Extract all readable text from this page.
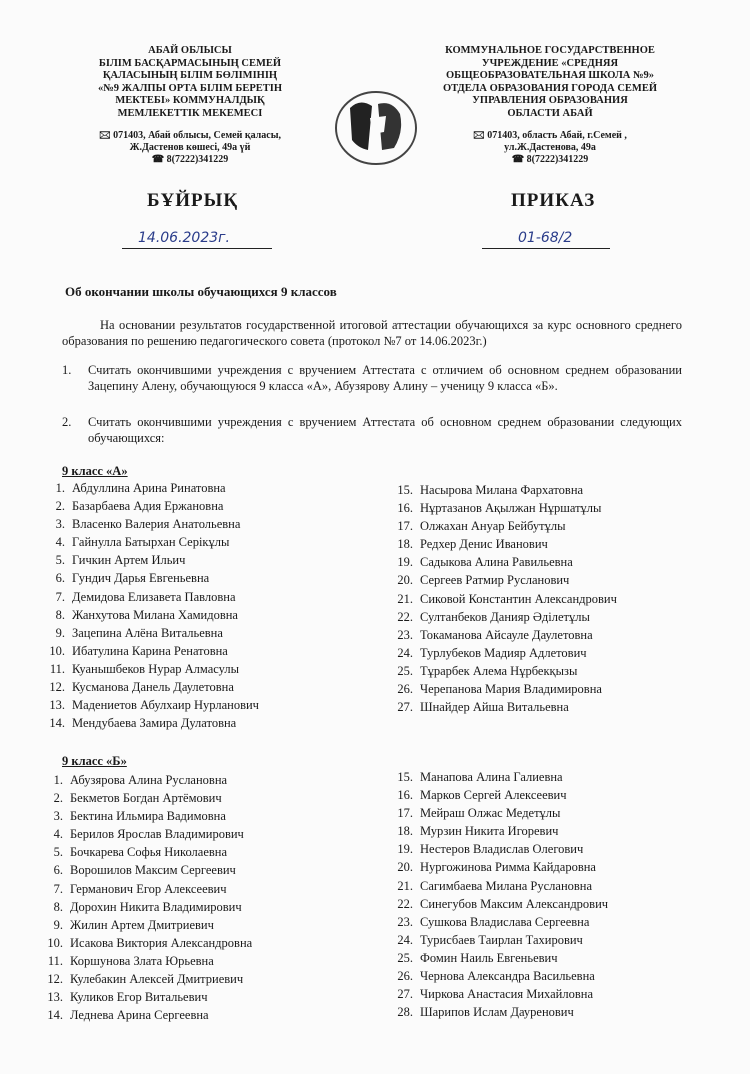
АБАЙ ОБЛЫСЫ
БІЛІМ БАСҚАРМАСЫНЫҢ СЕМЕЙ
ҚАЛАСЫНЫҢ БІЛІМ БӨЛІМІНІҢ
«№9 ЖАЛПЫ ОРТА БІЛІМ БЕРЕТІН
МЕКТЕБІ» КОММУНАЛДЫҚ
МЕМЛЕКЕТТІК МЕКЕМЕСІ
🖂 071403, Абай облысы, Семей қаласы,
Ж.Дастенов көшесі, 49а үй
☎ 8(7222)341229
КОММУНАЛЬНОЕ ГОСУДАРСТВЕННОЕ
УЧРЕЖДЕНИЕ «СРЕДНЯЯ
ОБЩЕОБРАЗОВАТЕЛЬНАЯ ШКОЛА №9»
ОТДЕЛА ОБРАЗОВАНИЯ ГОРОДА СЕМЕЙ
УПРАВЛЕНИЯ ОБРАЗОВАНИЯ
ОБЛАСТИ АБАЙ
🖂 071403, область Абай, г.Семей ,
ул.Ж.Дастенова, 49а
☎ 8(7222)341229
БҰЙРЫҚ	ПРИКАЗ
14.06.2023г.	01-68/2
Об окончании школы обучающихся 9 классов
На основании результатов государственной итоговой аттестации обучающихся за курс основного среднего образования по решению педагогического совета (протокол №7 от 14.06.2023г.)
1.	Считать окончившими учреждения с вручением Аттестата с отличием об основном среднем образовании Зацепину Алену, обучающуюся 9 класса «А», Абузярову Алину – ученицу 9 класса «Б».
2.	Считать окончившими учреждения с вручением Аттестата об основном среднем образовании следующих обучающихся:
9 класс «А»
1. Абдуллина Арина Ринатовна
2. Базарбаева Адия Ержановна
3. Власенко Валерия Анатольевна
4. Гайнулла Батырхан Серікұлы
5. Гичкин Артем Ильич
6. Гундич Дарья Евгеньевна
7. Демидова Елизавета Павловна
8. Жанхутова Милана Хамидовна
9. Зацепина Алёна Витальевна
10. Ибатулина Карина Ренатовна
11. Куанышбеков Нурар Алмасулы
12. Кусманова Данель Даулетовна
13. Мадениетов Абулхаир Нурланович
14. Мендубаева Замира Дулатовна
15. Насырова Милана Фархатовна
16. Нұртазанов Ақылжан Нұршатұлы
17. Олжахан Ануар Бейбутұлы
18. Редхер Денис Иванович
19. Садыкова Алина Равильевна
20. Сергеев Ратмир Русланович
21. Сиковой Константин Александрович
22. Султанбеков Данияр Әділетұлы
23. Токаманова Айсауле Даулетовна
24. Турлубеков Мадияр Адлетович
25. Тұрарбек Алема Нұрбекқызы
26. Черепанова Мария Владимировна
27. Шнайдер Айша Витальевна
9 класс «Б»
1. Абузярова Алина Руслановна
2. Бекметов Богдан Артёмович
3. Бектина Ильмира Вадимовна
4. Берилов Ярослав Владимирович
5. Бочкарева Софья Николаевна
6. Ворошилов Максим Сергеевич
7. Германович Егор Алексеевич
8. Дорохин Никита Владимирович
9. Жилин Артем Дмитриевич
10. Исакова Виктория Александровна
11. Коршунова Злата Юрьевна
12. Кулебакин Алексей Дмитриевич
13. Куликов Егор Витальевич
14. Леднева Арина Сергеевна
15. Манапова Алина Галиевна
16. Марков Сергей Алексеевич
17. Мейраш Олжас Медетұлы
18. Мурзин Никита Игоревич
19. Нестеров Владислав Олегович
20. Нургожинова Римма Кайдаровна
21. Сагимбаева Милана Руслановна
22. Синегубов Максим Александрович
23. Сушкова Владислава Сергеевна
24. Турисбаев Таирлан Тахирович
25. Фомин Наиль Евгеньевич
26. Чернова Александра Васильевна
27. Чиркова Анастасия Михайловна
28. Шарипов Ислам Дауренович
